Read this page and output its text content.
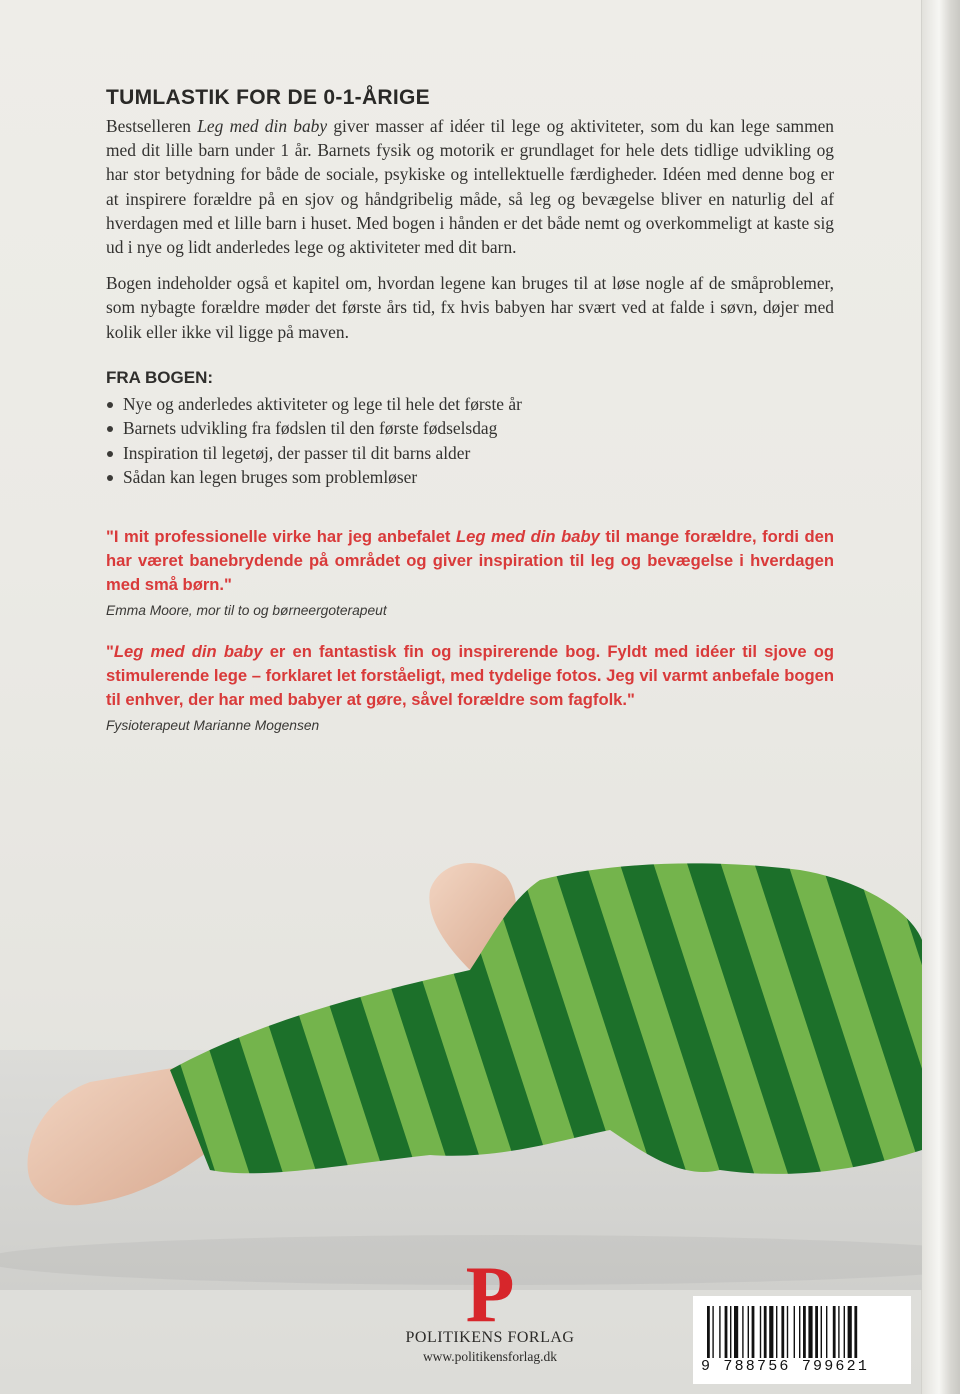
TUMLASTIK FOR DE 0-1-ÅRIGE

Bestselleren Leg med din baby giver masser af idéer til lege og aktiviteter, som du kan lege sammen med dit lille barn under 1 år. Barnets fysik og motorik er grundlaget for hele dets tidlige udvikling og har stor betydning for både de sociale, psykiske og intellektuelle færdigheder. Idéen med denne bog er at inspirere forældre på en sjov og håndgribelig måde, så leg og bevægelse bliver en naturlig del af hverdagen med et lille barn i huset. Med bogen i hånden er det både nemt og overkommeligt at kaste sig ud i nye og lidt anderledes lege og aktiviteter med dit barn.

Bogen indeholder også et kapitel om, hvordan legene kan bruges til at løse nogle af de småproblemer, som nybagte forældre møder det første års tid, fx hvis babyen har svært ved at falde i søvn, døjer med kolik eller ikke vil ligge på maven.

FRA BOGEN:
Nye og anderledes aktiviteter og lege til hele det første år
Barnets udvikling fra fødslen til den første fødselsdag
Inspiration til legetøj, der passer til dit barns alder
Sådan kan legen bruges som problemløser

"I mit professionelle virke har jeg anbefalet Leg med din baby til mange forældre, fordi den har været banebrydende på området og giver inspiration til leg og bevægelse i hverdagen med små børn."

Emma Moore, mor til to og børneergoterapeut

"Leg med din baby er en fantastisk fin og inspirerende bog. Fyldt med idéer til sjove og stimulerende lege – forklaret let forståeligt, med tydelige fotos. Jeg vil varmt anbefale bogen til enhver, der har med babyer at gøre, såvel forældre som fagfolk."

Fysioterapeut Marianne Mogensen

P
POLITIKENS FORLAG
www.politikensforlag.dk
9 788756 799621
